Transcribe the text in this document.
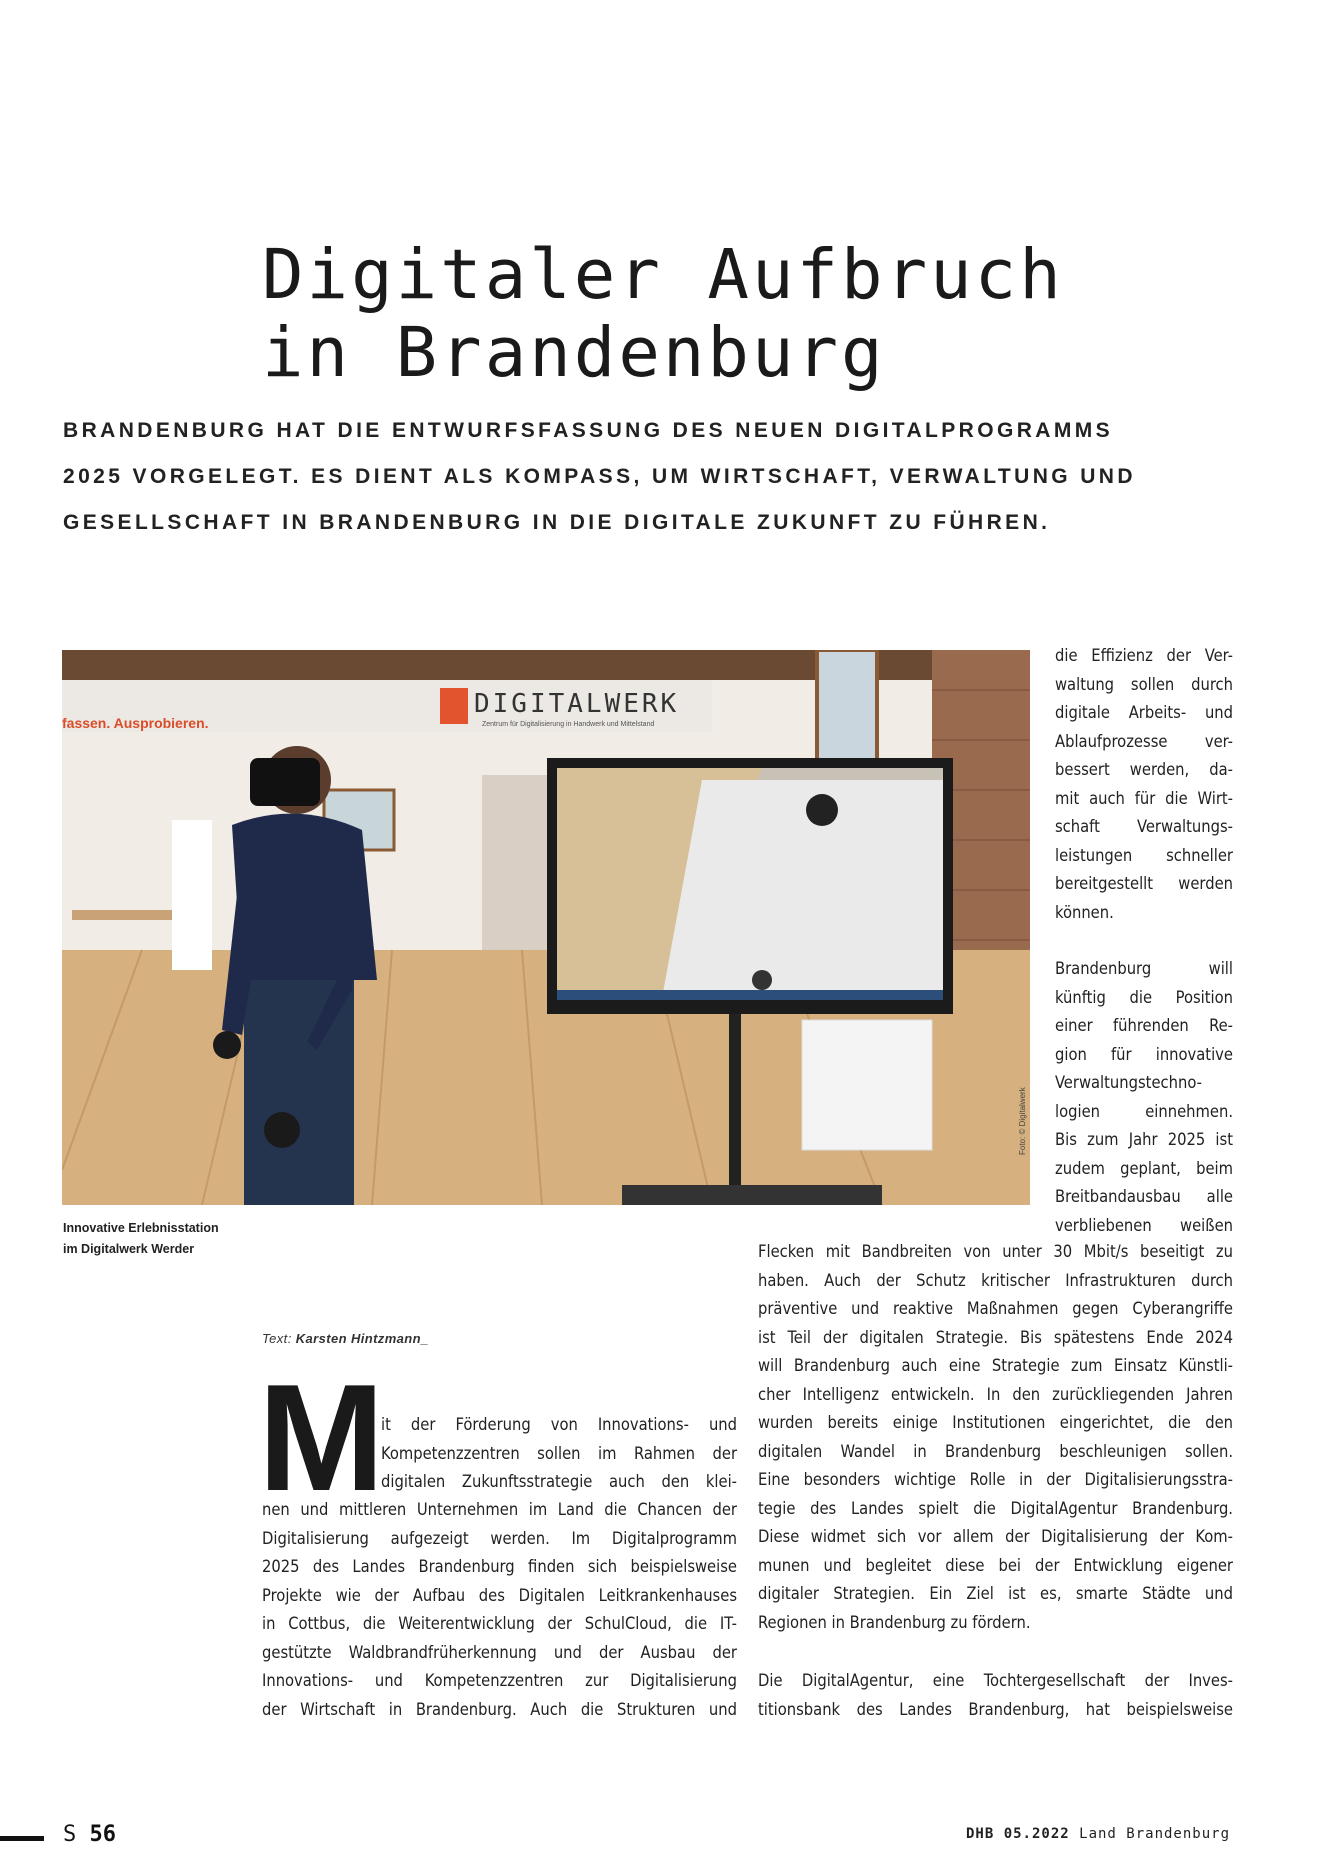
Digitaler Aufbruch
in Brandenburg
BRANDENBURG HAT DIE ENTWURFSFASSUNG DES NEUEN DIGITALPROGRAMMS
2025 VORGELEGT. ES DIENT ALS KOMPASS, UM WIRTSCHAFT, VERWALTUNG UND
GESELLSCHAFT IN BRANDENBURG IN DIE DIGITALE ZUKUNFT ZU FÜHREN.
fassen. Ausprobieren.
DIGITALWERK
Zentrum für Digitalisierung in Handwerk und Mittelstand
Foto: © Digitalwerk
Innovative Erlebnisstation
im Digitalwerk Werder
Text: Karsten Hintzmann_
M
it der Förderung von Innovations- und
Kompetenzzentren sollen im Rahmen der
digitalen Zukunftsstrategie auch den klei-
nen und mittleren Unternehmen im Land die Chancen der
Digitalisierung aufgezeigt werden. Im Digitalprogramm
2025 des Landes Brandenburg finden sich beispielsweise
Projekte wie der Aufbau des Digitalen Leitkrankenhauses
in Cottbus, die Weiterentwicklung der SchulCloud, die IT-
gestützte Waldbrandfrüherkennung und der Ausbau der
Innovations- und Kompetenzzentren zur Digitalisierung
der Wirtschaft in Brandenburg. Auch die Strukturen und
die Effizienz der Ver-
waltung sollen durch
digitale Arbeits- und
Ablaufprozesse ver-
bessert werden, da-
mit auch für die Wirt-
schaft Verwaltungs-
leistungen schneller
bereitgestellt werden
können.
Brandenburg will
künftig die Position
einer führenden Re-
gion für innovative
Verwaltungstechno-
logien einnehmen.
Bis zum Jahr 2025 ist
zudem geplant, beim
Breitbandausbau alle
verbliebenen weißen
Flecken mit Bandbreiten von unter 30 Mbit/s beseitigt zu
haben. Auch der Schutz kritischer Infrastrukturen durch
präventive und reaktive Maßnahmen gegen Cyberangriffe
ist Teil der digitalen Strategie. Bis spätestens Ende 2024
will Brandenburg auch eine Strategie zum Einsatz Künstli-
cher Intelligenz entwickeln. In den zurückliegenden Jahren
wurden bereits einige Institutionen eingerichtet, die den
digitalen Wandel in Brandenburg beschleunigen sollen.
Eine besonders wichtige Rolle in der Digitalisierungsstra-
tegie des Landes spielt die DigitalAgentur Brandenburg.
Diese widmet sich vor allem der Digitalisierung der Kom-
munen und begleitet diese bei der Entwicklung eigener
digitaler Strategien. Ein Ziel ist es, smarte Städte und
Regionen in Brandenburg zu fördern.
Die DigitalAgentur, eine Tochtergesellschaft der Inves-
titionsbank des Landes Brandenburg, hat beispielsweise
S 56	DHB 05.2022 Land Brandenburg
